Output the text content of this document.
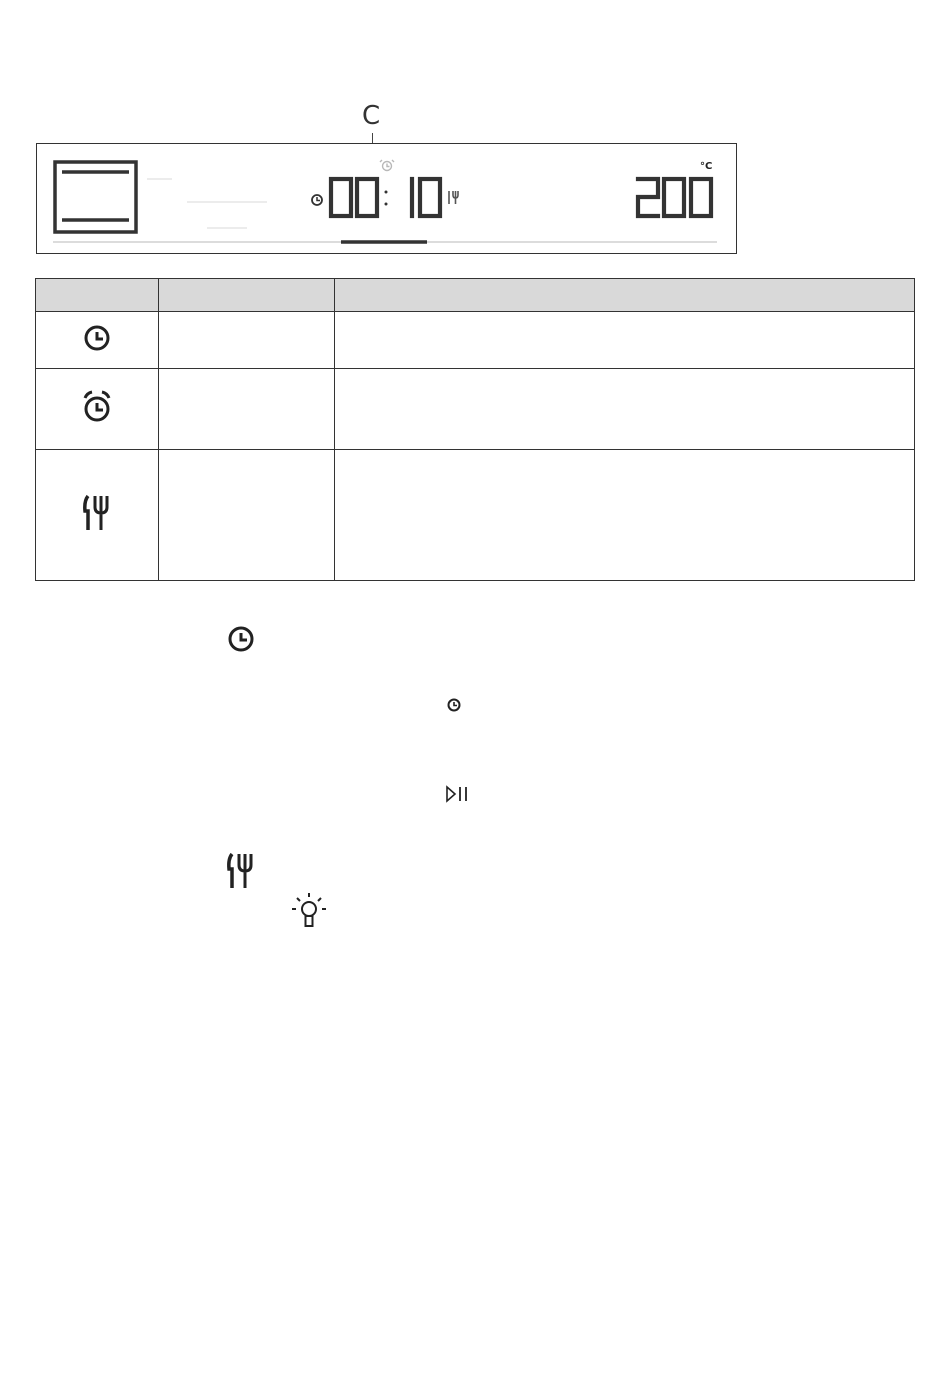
C
°C
